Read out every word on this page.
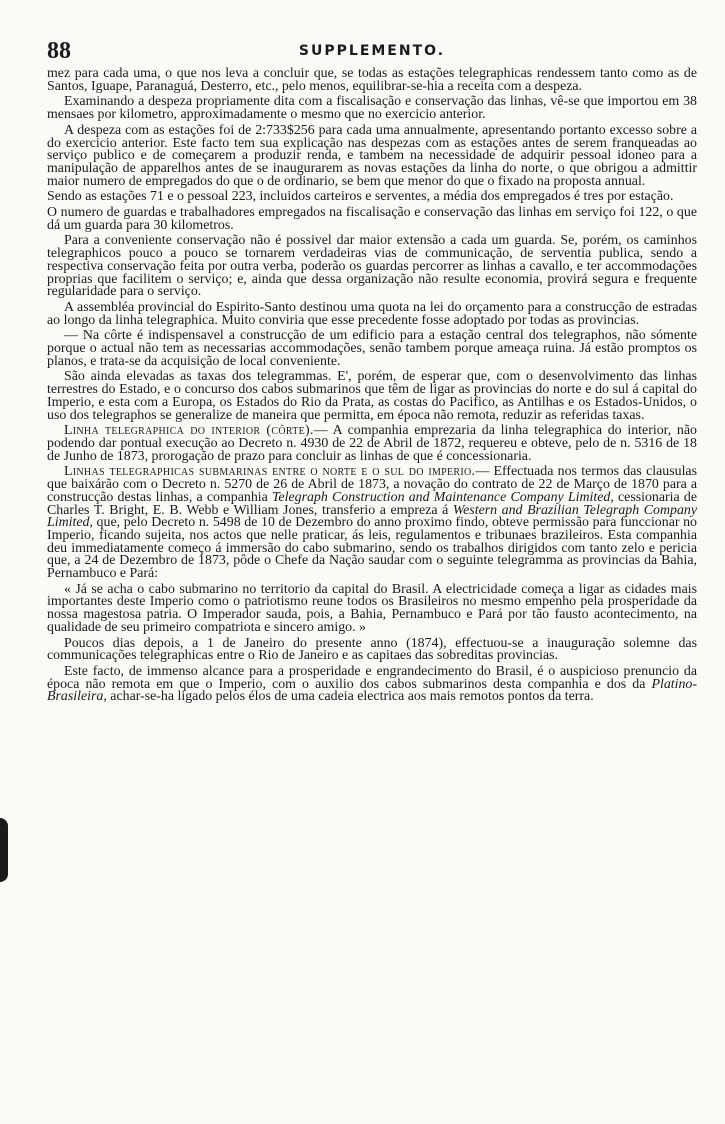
88	SUPPLEMENTO.

mez para cada uma, o que nos leva a concluir que, se todas as estações telegraphicas rendessem tanto como as de Santos, Iguape, Paranaguá, Desterro, etc., pelo menos, equilibrar-se-hia a receita com a despeza.

Examinando a despeza propriamente dita com a fiscalisação e conservação das linhas, vê-se que importou em 38 mensaes por kilometro, approximadamente o mesmo que no exercicio anterior.

A despeza com as estações foi de 2:733$256 para cada uma annualmente, apresentando portanto excesso sobre a do exercicio anterior. Este facto tem sua explicação nas despezas com as estações antes de serem franqueadas ao serviço publico e de começarem a produzir renda, e tambem na necessidade de adquirir pessoal idoneo para a manipulação de apparelhos antes de se inaugurarem as novas estações da linha do norte, o que obrigou a admittir maior numero de empregados do que o de ordinario, se bem que menor do que o fixado na proposta annual.

Sendo as estações 71 e o pessoal 223, incluidos carteiros e serventes, a média dos empregados é tres por estação.

O numero de guardas e trabalhadores empregados na fiscalisação e conservação das linhas em serviço foi 122, o que dá um guarda para 30 kilometros.

Para a conveniente conservação não é possivel dar maior extensão a cada um guarda. Se, porém, os caminhos telegraphicos pouco a pouco se tornarem verdadeiras vias de communicação, de serventia publica, sendo a respectiva conservação feita por outra verba, poderão os guardas percorrer as linhas a cavallo, e ter accommodações proprias que facilitem o serviço; e, ainda que dessa organização não resulte economia, provirá segura e frequente regularidade para o serviço.

A assembléa provincial do Espirito-Santo destinou uma quota na lei do orçamento para a construcção de estradas ao longo da linha telegraphica. Muito conviria que esse precedente fosse adoptado por todas as provincias.

— Na côrte é indispensavel a construcção de um edificio para a estação central dos telegraphos, não sómente porque o actual não tem as necessarias accommodações, senão tambem porque ameaça ruina. Já estão promptos os planos, e trata-se da acquisição de local conveniente.

São ainda elevadas as taxas dos telegrammas. E', porém, de esperar que, com o desenvolvimento das linhas terrestres do Estado, e o concurso dos cabos submarinos que têm de ligar as provincias do norte e do sul á capital do Imperio, e esta com a Europa, os Estados do Rio da Prata, as costas do Pacifico, as Antilhas e os Estados-Unidos, o uso dos telegraphos se generalize de maneira que permitta, em época não remota, reduzir as referidas taxas.

Linha telegraphica do interior (côrte).— A companhia emprezaria da linha telegraphica do interior, não podendo dar pontual execução ao Decreto n. 4930 de 22 de Abril de 1872, requereu e obteve, pelo de n. 5316 de 18 de Junho de 1873, prorogação de prazo para concluir as linhas de que é concessionaria.

Linhas telegraphicas submarinas entre o norte e o sul do imperio.— Effectuada nos termos das clausulas que baixárão com o Decreto n. 5270 de 26 de Abril de 1873, a novação do contrato de 22 de Março de 1870 para a construcção destas linhas, a companhia Telegraph Construction and Maintenance Company Limited, cessionaria de Charles T. Bright, E. B. Webb e William Jones, transferio a empreza á Western and Brazilian Telegraph Company Limited, que, pelo Decreto n. 5498 de 10 de Dezembro do anno proximo findo, obteve permissão para funccionar no Imperio, ficando sujeita, nos actos que nelle praticar, ás leis, regulamentos e tribunaes brazileiros. Esta companhia deu immediatamente começo á immersão do cabo submarino, sendo os trabalhos dirigidos com tanto zelo e pericia que, a 24 de Dezembro de 1873, pôde o Chefe da Nação saudar com o seguinte telegramma as provincias da Bahia, Pernambuco e Pará:

« Já se acha o cabo submarino no territorio da capital do Brasil. A electricidade começa a ligar as cidades mais importantes deste Imperio como o patriotismo reune todos os Brasileiros no mesmo empenho pela prosperidade da nossa magestosa patria. O Imperador sauda, pois, a Bahia, Pernambuco e Pará por tão fausto acontecimento, na qualidade de seu primeiro compatriota e sincero amigo. »

Poucos dias depois, a 1 de Janeiro do presente anno (1874), effectuou-se a inauguração solemne das communicações telegraphicas entre o Rio de Janeiro e as capitaes das sobreditas provincias.

Este facto, de immenso alcance para a prosperidade e engrandecimento do Brasil, é o auspicioso prenuncio da época não remota em que o Imperio, com o auxilio dos cabos submarinos desta companhia e dos da Platino-Brasileira, achar-se-ha ligado pelos élos de uma cadeia electrica aos mais remotos pontos da terra.
